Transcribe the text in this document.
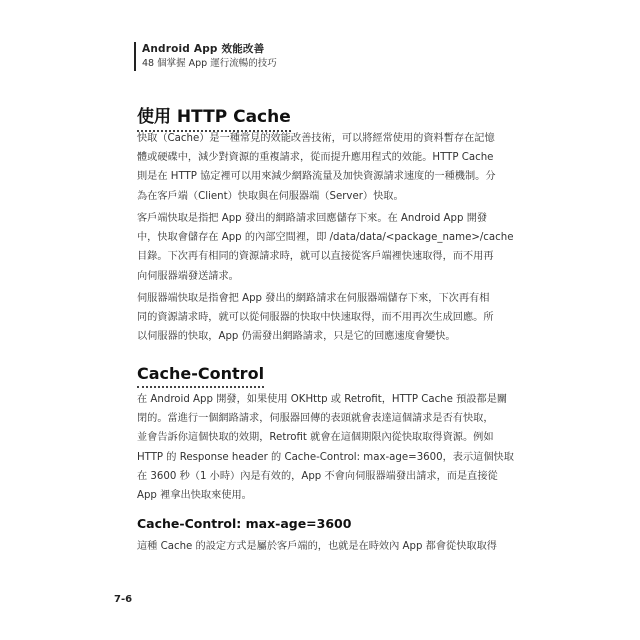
Android App 效能改善
48 個掌握 App 運行流暢的技巧
使用 HTTP Cache

快取（Cache）是一種常見的效能改善技術，可以將經常使用的資料暫存在記憶
體或硬碟中，減少對資源的重複請求，從而提升應用程式的效能。HTTP Cache
則是在 HTTP 協定裡可以用來減少網路流量及加快資源請求速度的一種機制。分
為在客戶端（Client）快取與在伺服器端（Server）快取。

客戶端快取是指把 App 發出的網路請求回應儲存下來。在 Android App 開發
中，快取會儲存在 App 的內部空間裡，即 /data/data/<package_name>/cache
目錄。下次再有相同的資源請求時，就可以直接從客戶端裡快速取得，而不用再
向伺服器端發送請求。

伺服器端快取是指會把 App 發出的網路請求在伺服器端儲存下來，下次再有相
同的資源請求時，就可以從伺服器的快取中快速取得，而不用再次生成回應。所
以伺服器的快取，App 仍需發出網路請求，只是它的回應速度會變快。

Cache-Control

在 Android App 開發，如果使用 OKHttp 或 Retrofit，HTTP Cache 預設都是關
閉的。當進行一個網路請求，伺服器回傳的表頭就會表達這個請求是否有快取，
並會告訴你這個快取的效期，Retrofit 就會在這個期限內從快取取得資源。例如
HTTP 的 Response header 的 Cache-Control: max-age=3600，表示這個快取
在 3600 秒（1 小時）內是有效的，App 不會向伺服器端發出請求，而是直接從
App 裡拿出快取來使用。

Cache-Control: max-age=3600

這種 Cache 的設定方式是屬於客戶端的，也就是在時效內 App 都會從快取取得

7-6
